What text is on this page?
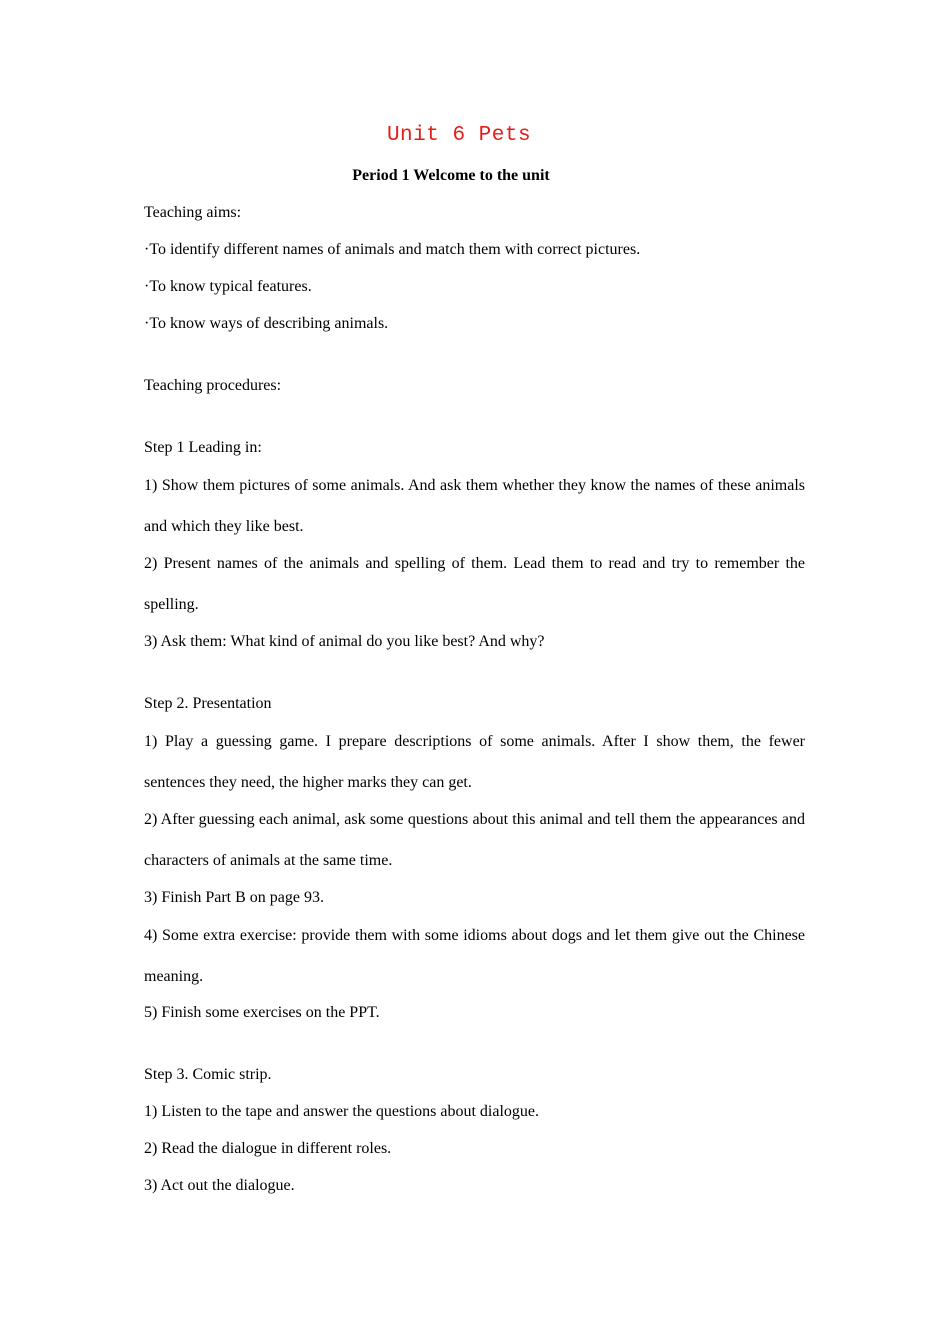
Unit 6 Pets
Period 1 Welcome to the unit
Teaching aims:
·To identify different names of animals and match them with correct pictures.
·To know typical features.
·To know ways of describing animals.
Teaching procedures:
Step 1 Leading in:
1) Show them pictures of some animals. And ask them whether they know the names of these animals and which they like best.
2) Present names of the animals and spelling of them. Lead them to read and try to remember the spelling.
3) Ask them: What kind of animal do you like best? And why?
Step 2. Presentation
1) Play a guessing game. I prepare descriptions of some animals. After I show them, the fewer sentences they need, the higher marks they can get.
2) After guessing each animal, ask some questions about this animal and tell them the appearances and characters of animals at the same time.
3) Finish Part B on page 93.
4) Some extra exercise: provide them with some idioms about dogs and let them give out the Chinese meaning.
5) Finish some exercises on the PPT.
Step 3. Comic strip.
1) Listen to the tape and answer the questions about dialogue.
2) Read the dialogue in different roles.
3) Act out the dialogue.
